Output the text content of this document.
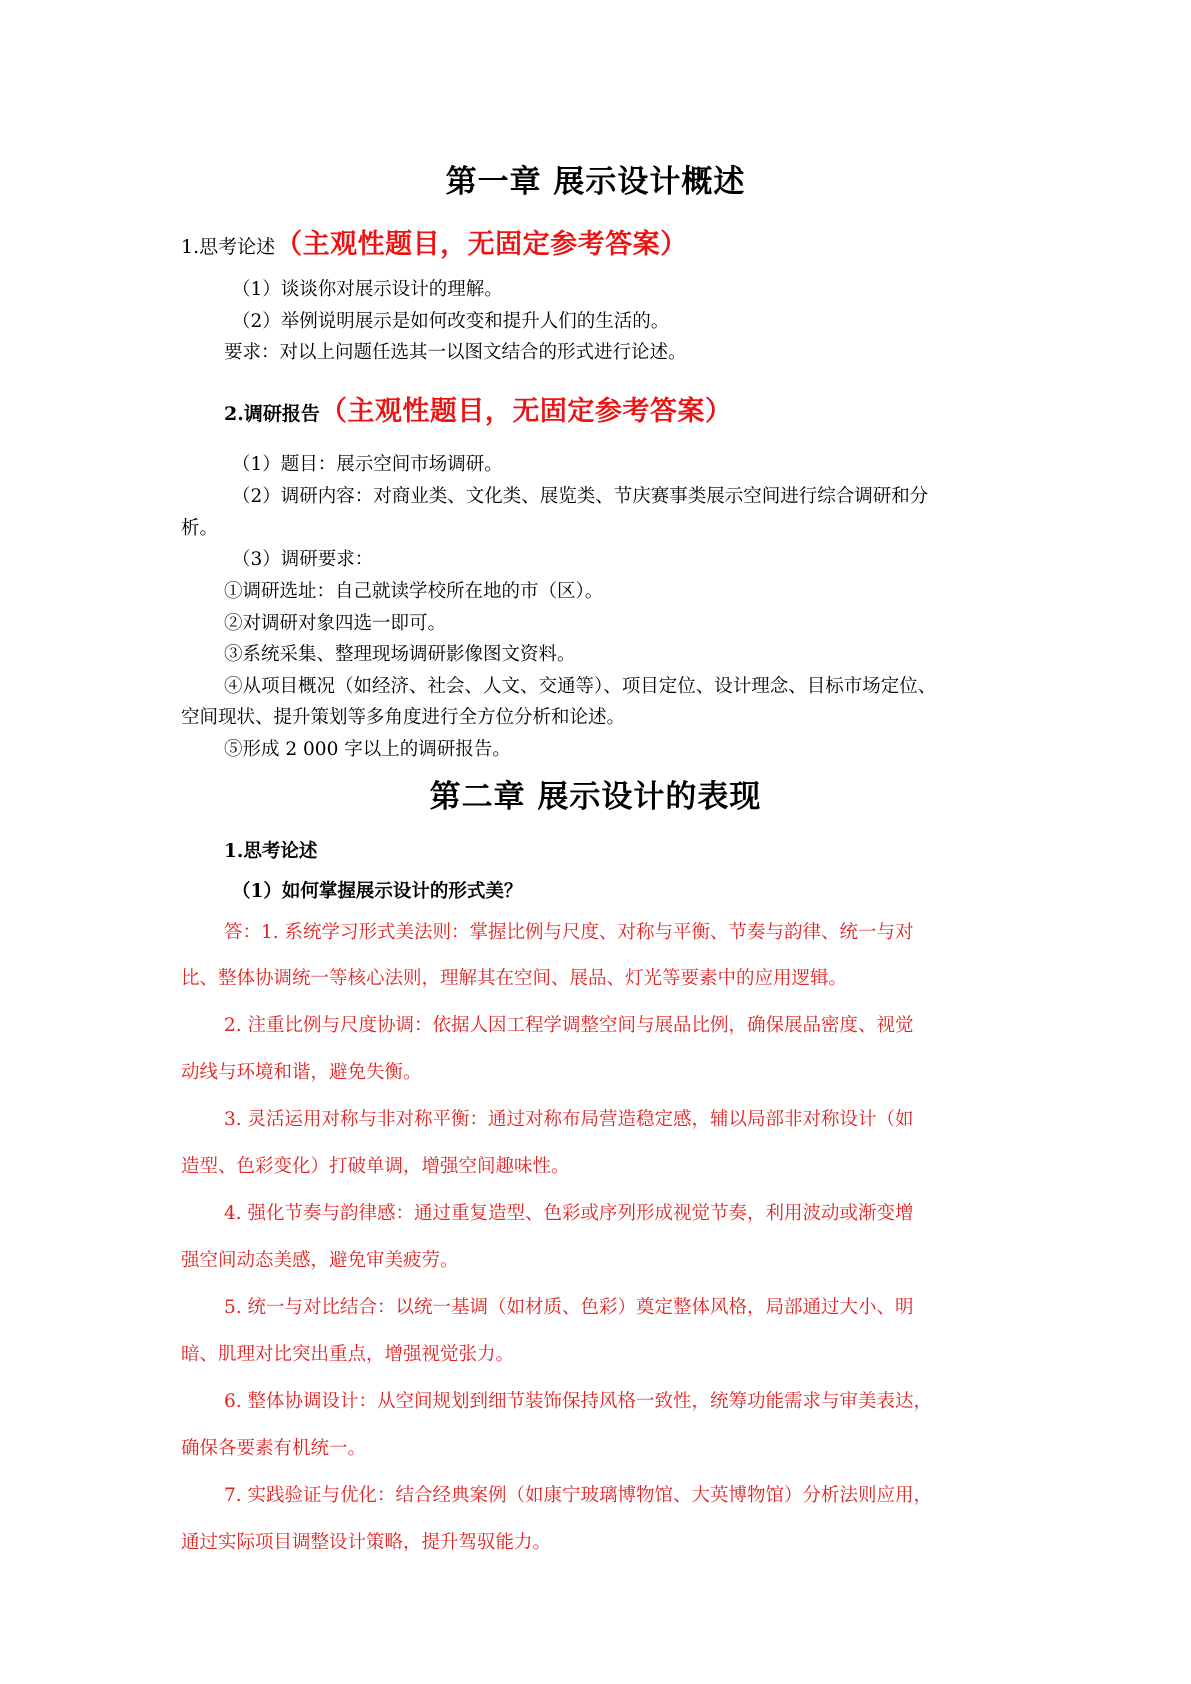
第一章 展示设计概述
1.思考论述（主观性题目，无固定参考答案）
（1）谈谈你对展示设计的理解。
（2）举例说明展示是如何改变和提升人们的生活的。
要求：对以上问题任选其一以图文结合的形式进行论述。
2.调研报告（主观性题目，无固定参考答案）
（1）题目：展示空间市场调研。
（2）调研内容：对商业类、文化类、展览类、节庆赛事类展示空间进行综合调研和分
析。
（3）调研要求：
①调研选址：自己就读学校所在地的市（区）。
②对调研对象四选一即可。
③系统采集、整理现场调研影像图文资料。
④从项目概况（如经济、社会、人文、交通等）、项目定位、设计理念、目标市场定位、
空间现状、提升策划等多角度进行全方位分析和论述。
⑤形成 2 000 字以上的调研报告。
第二章 展示设计的表现
1.思考论述
（1）如何掌握展示设计的形式美？
答：1. 系统学习形式美法则：掌握比例与尺度、对称与平衡、节奏与韵律、统一与对
比、整体协调统一等核心法则，理解其在空间、展品、灯光等要素中的应用逻辑。
2. 注重比例与尺度协调：依据人因工程学调整空间与展品比例，确保展品密度、视觉
动线与环境和谐，避免失衡。
3. 灵活运用对称与非对称平衡：通过对称布局营造稳定感，辅以局部非对称设计（如
造型、色彩变化）打破单调，增强空间趣味性。
4. 强化节奏与韵律感：通过重复造型、色彩或序列形成视觉节奏，利用波动或渐变增
强空间动态美感，避免审美疲劳。
5. 统一与对比结合：以统一基调（如材质、色彩）奠定整体风格，局部通过大小、明
暗、肌理对比突出重点，增强视觉张力。
6. 整体协调设计：从空间规划到细节装饰保持风格一致性，统筹功能需求与审美表达，
确保各要素有机统一。
7. 实践验证与优化：结合经典案例（如康宁玻璃博物馆、大英博物馆）分析法则应用，
通过实际项目调整设计策略，提升驾驭能力。
